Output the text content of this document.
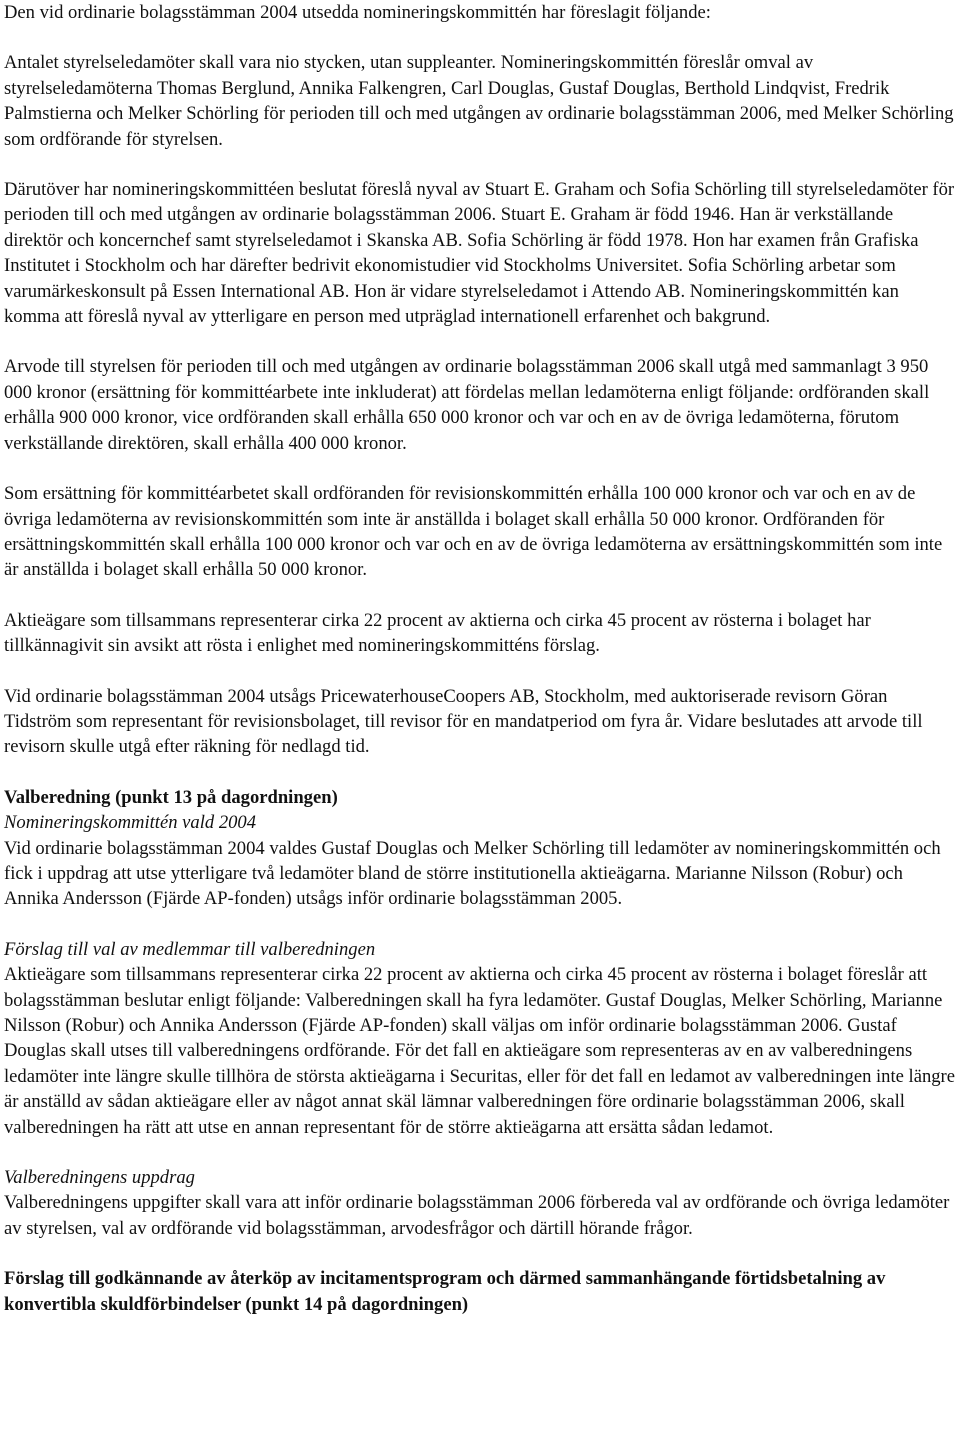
Den vid ordinarie bolagsstämman 2004 utsedda nomineringskommittén har föreslagit följande:

Antalet styrelseledamöter skall vara nio stycken, utan suppleanter. Nomineringskommittén föreslår omval av styrelseledamöterna Thomas Berglund, Annika Falkengren, Carl Douglas, Gustaf Douglas, Berthold Lindqvist, Fredrik Palmstierna och Melker Schörling för perioden till och med utgången av ordinarie bolagsstämman 2006, med Melker Schörling som ordförande för styrelsen.

Därutöver har nomineringskommittéen beslutat föreslå nyval av Stuart E. Graham och Sofia Schörling till styrelseledamöter för perioden till och med utgången av ordinarie bolagsstämman 2006. Stuart E. Graham är född 1946. Han är verkställande direktör och koncernchef samt styrelseledamot i Skanska AB. Sofia Schörling är född 1978. Hon har examen från Grafiska Institutet i Stockholm och har därefter bedrivit ekonomistudier vid Stockholms Universitet. Sofia Schörling arbetar som varumärkeskonsult på Essen International AB. Hon är vidare styrelseledamot i Attendo AB. Nomineringskommittén kan komma att föreslå nyval av ytterligare en person med utpräglad internationell erfarenhet och bakgrund.

Arvode till styrelsen för perioden till och med utgången av ordinarie bolagsstämman 2006 skall utgå med sammanlagt 3 950 000 kronor (ersättning för kommittéarbete inte inkluderat) att fördelas mellan ledamöterna enligt följande: ordföranden skall erhålla 900 000 kronor, vice ordföranden skall erhålla 650 000 kronor och var och en av de övriga ledamöterna, förutom verkställande direktören, skall erhålla 400 000 kronor.

Som ersättning för kommittéarbetet skall ordföranden för revisionskommittén erhålla 100 000 kronor och var och en av de övriga ledamöterna av revisionskommittén som inte är anställda i bolaget skall erhålla 50 000 kronor. Ordföranden för ersättningskommittén skall erhålla 100 000 kronor och var och en av de övriga ledamöterna av ersättningskommittén som inte är anställda i bolaget skall erhålla 50 000 kronor.

Aktieägare som tillsammans representerar cirka 22 procent av aktierna och cirka 45 procent av rösterna i bolaget har tillkännagivit sin avsikt att rösta i enlighet med nomineringskommitténs förslag.

Vid ordinarie bolagsstämman 2004 utsågs PricewaterhouseCoopers AB, Stockholm, med auktoriserade revisorn Göran Tidström som representant för revisionsbolaget, till revisor för en mandatperiod om fyra år. Vidare beslutades att arvode till revisorn skulle utgå efter räkning för nedlagd tid.

Valberedning (punkt 13 på dagordningen)

Nomineringskommittén vald 2004

Vid ordinarie bolagsstämman 2004 valdes Gustaf Douglas och Melker Schörling till ledamöter av nomineringskommittén och fick i uppdrag att utse ytterligare två ledamöter bland de större institutionella aktieägarna. Marianne Nilsson (Robur) och Annika Andersson (Fjärde AP-fonden) utsågs inför ordinarie bolagsstämman 2005.

Förslag till val av medlemmar till valberedningen

Aktieägare som tillsammans representerar cirka 22 procent av aktierna och cirka 45 procent av rösterna i bolaget föreslår att bolagsstämman beslutar enligt följande: Valberedningen skall ha fyra ledamöter. Gustaf Douglas, Melker Schörling, Marianne Nilsson (Robur) och Annika Andersson (Fjärde AP-fonden) skall väljas om inför ordinarie bolagsstämman 2006. Gustaf Douglas skall utses till valberedningens ordförande. För det fall en aktieägare som representeras av en av valberedningens ledamöter inte längre skulle tillhöra de största aktieägarna i Securitas, eller för det fall en ledamot av valberedningen inte längre är anställd av sådan aktieägare eller av något annat skäl lämnar valberedningen före ordinarie bolagsstämman 2006, skall valberedningen ha rätt att utse en annan representant för de större aktieägarna att ersätta sådan ledamot.

Valberedningens uppdrag

Valberedningens uppgifter skall vara att inför ordinarie bolagsstämman 2006 förbereda val av ordförande och övriga ledamöter av styrelsen, val av ordförande vid bolagsstämman, arvodesfrågor och därtill hörande frågor.

Förslag till godkännande av återköp av incitamentsprogram och därmed sammanhängande förtidsbetalning av konvertibla skuldförbindelser (punkt 14 på dagordningen)
